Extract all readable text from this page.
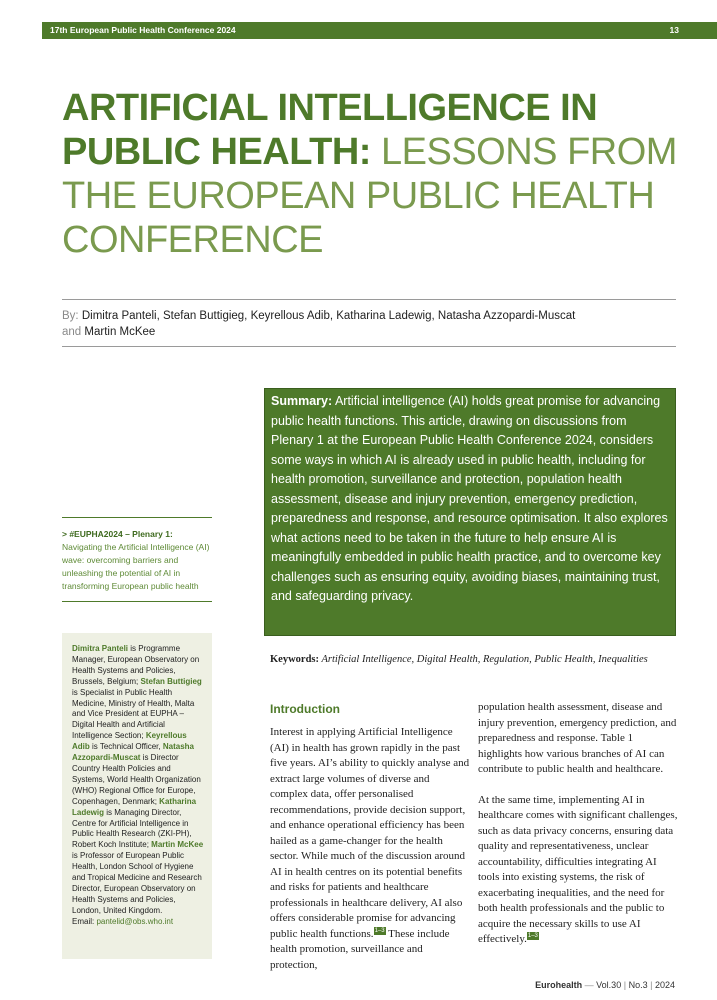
17th European Public Health Conference 2024	13
ARTIFICIAL INTELLIGENCE IN PUBLIC HEALTH: LESSONS FROM THE EUROPEAN PUBLIC HEALTH CONFERENCE
By: Dimitra Panteli, Stefan Buttigieg, Keyrellous Adib, Katharina Ladewig, Natasha Azzopardi-Muscat
and Martin McKee
Summary: Artificial intelligence (AI) holds great promise for advancing public health functions. This article, drawing on discussions from Plenary 1 at the European Public Health Conference 2024, considers some ways in which AI is already used in public health, including for health promotion, surveillance and protection, population health assessment, disease and injury prevention, emergency prediction, preparedness and response, and resource optimisation. It also explores what actions need to be taken in the future to help ensure AI is meaningfully embedded in public health practice, and to overcome key challenges such as ensuring equity, avoiding biases, maintaining trust, and safeguarding privacy.
> #EUPHA2024 – Plenary 1:
Navigating the Artificial Intelligence (AI) wave: overcoming barriers and unleashing the potential of AI in transforming European public health
Dimitra Panteli is Programme Manager, European Observatory on Health Systems and Policies, Brussels, Belgium; Stefan Buttigieg is Specialist in Public Health Medicine, Ministry of Health, Malta and Vice President at EUPHA – Digital Health and Artificial Intelligence Section; Keyrellous Adib is Technical Officer, Natasha Azzopardi-Muscat is Director Country Health Policies and Systems, World Health Organization (WHO) Regional Office for Europe, Copenhagen, Denmark; Katharina Ladewig is Managing Director, Centre for Artificial Intelligence in Public Health Research (ZKI-PH), Robert Koch Institute; Martin McKee is Professor of European Public Health, London School of Hygiene and Tropical Medicine and Research Director, European Observatory on Health Systems and Policies, London, United Kingdom.
Email: pantelid@obs.who.int
Keywords: Artificial Intelligence, Digital Health, Regulation, Public Health, Inequalities
Introduction
Interest in applying Artificial Intelligence (AI) in health has grown rapidly in the past five years. AI’s ability to quickly analyse and extract large volumes of diverse and complex data, offer personalised recommendations, provide decision support, and enhance operational efficiency has been hailed as a game-changer for the health sector. While much of the discussion around AI in health centres on its potential benefits and risks for patients and healthcare professionals in healthcare delivery, AI also offers considerable promise for advancing public health functions.1–3 These include health promotion, surveillance and protection,
population health assessment, disease and injury prevention, emergency prediction, and preparedness and response. Table 1 highlights how various branches of AI can contribute to public health and healthcare.
At the same time, implementing AI in healthcare comes with significant challenges, such as data privacy concerns, ensuring data quality and representativeness, unclear accountability, difficulties integrating AI tools into existing systems, the risk of exacerbating inequalities, and the need for both health professionals and the public to acquire the necessary skills to use AI effectively.1–3
Eurohealth — Vol.30 | No.3 | 2024
